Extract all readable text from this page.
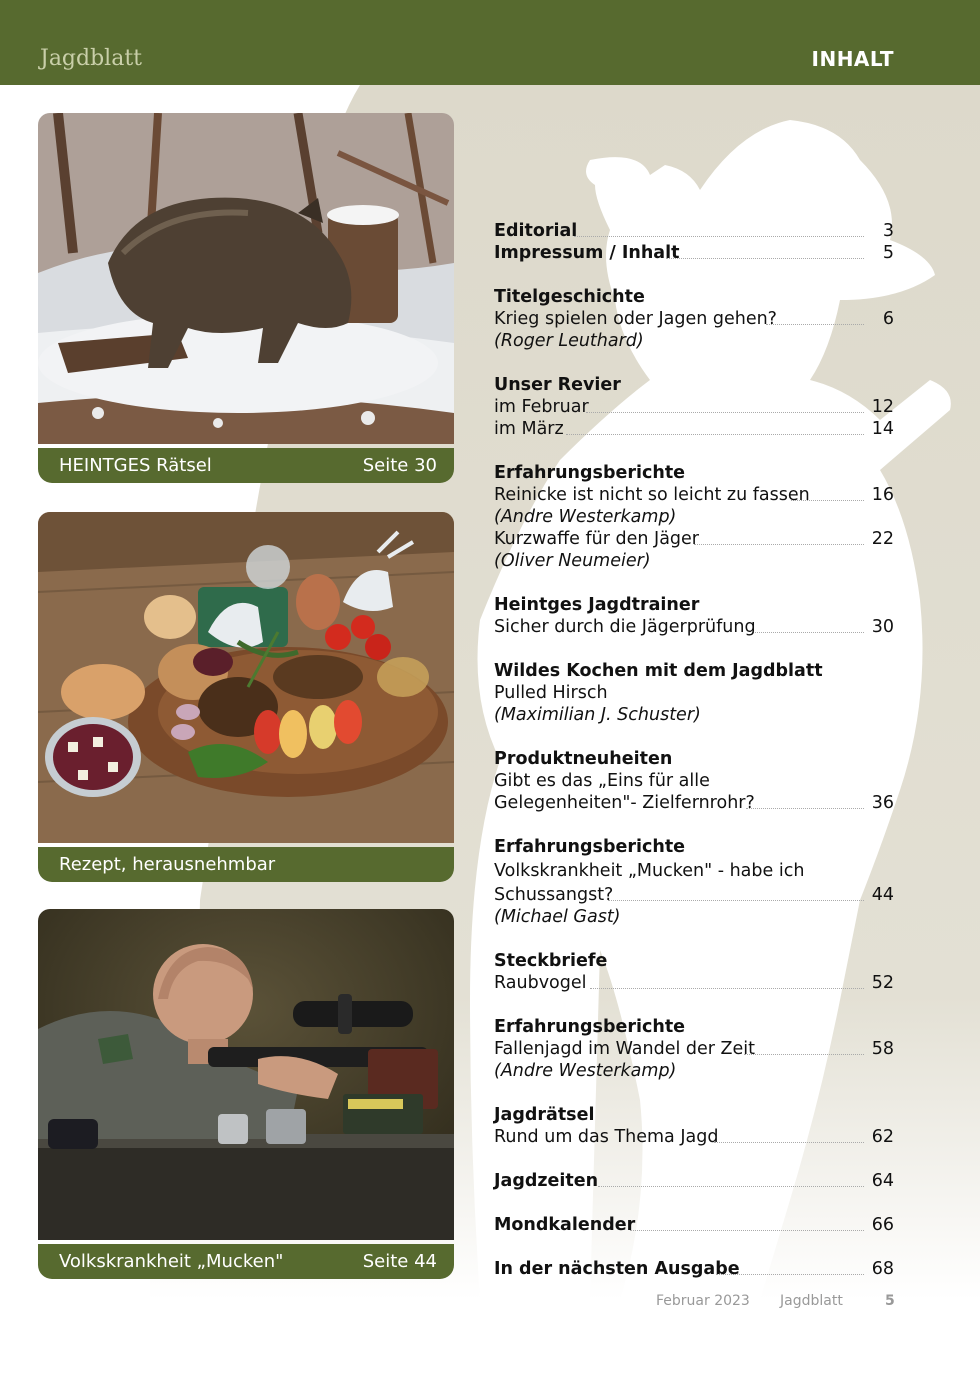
Jagdblatt	INHALT
HEINTGES Rätsel	Seite 30
Rezept, herausnehmbar
Volkskrankheit „Mucken"	Seite 44
Editorial	3
Impressum / Inhalt	5
Titelgeschichte
Krieg spielen oder Jagen gehen?	6
(Roger Leuthard)
Unser Revier
im Februar	12
im März	14
Erfahrungsberichte
Reinicke ist nicht so leicht zu fassen	16
(Andre Westerkamp)
Kurzwaffe für den Jäger	22
(Oliver Neumeier)
Heintges Jagdtrainer
Sicher durch die Jägerprüfung	30
Wildes Kochen mit dem Jagdblatt
Pulled Hirsch
(Maximilian J. Schuster)
Produktneuheiten
Gibt es das „Eins für alle
Gelegenheiten"- Zielfernrohr?	36
Erfahrungsberichte
Volkskrankheit „Mucken" - habe ich
Schussangst?	44
(Michael Gast)
Steckbriefe
Raubvogel	52
Erfahrungsberichte
Fallenjagd im Wandel der Zeit	58
(Andre Westerkamp)
Jagdrätsel
Rund um das Thema Jagd	62
Jagdzeiten	64
Mondkalender	66
In der nächsten Ausgabe	68
Februar 2023 Jagdblatt	5
